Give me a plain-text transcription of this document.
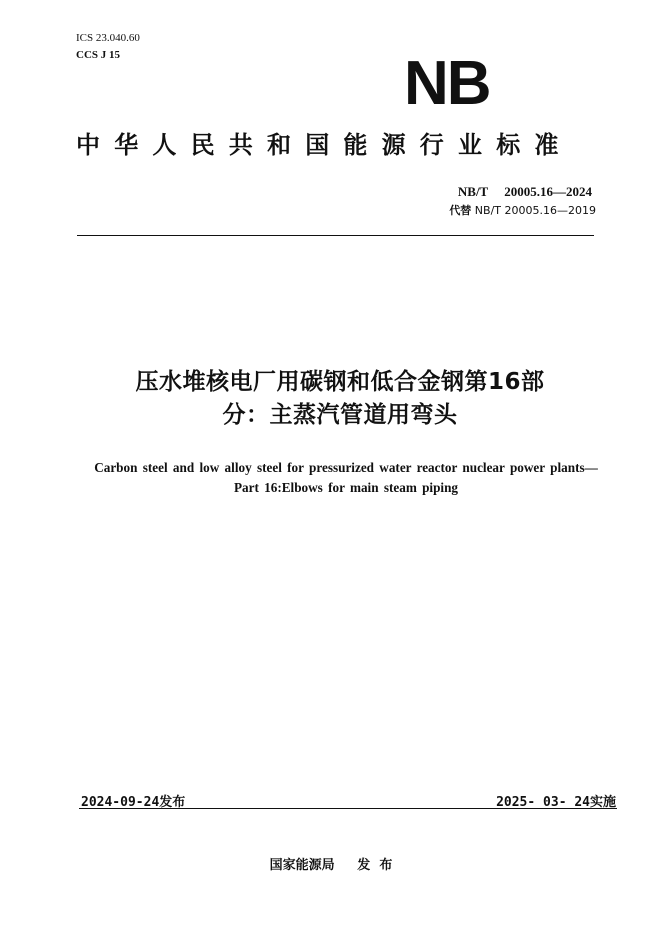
ICS 23.040.60
CCS J 15	NB
中华人民共和国能源行业标准
NB/T     20005.16—2024
代替 NB/T 20005.16—2019
压水堆核电厂用碳钢和低合金钢第16部
分：主蒸汽管道用弯头
Carbon steel and low alloy steel for pressurized water reactor nuclear power plants—Part 16:Elbows for main steam piping
2024-09-24发布	2025- 03- 24实施
国家能源局     发  布
